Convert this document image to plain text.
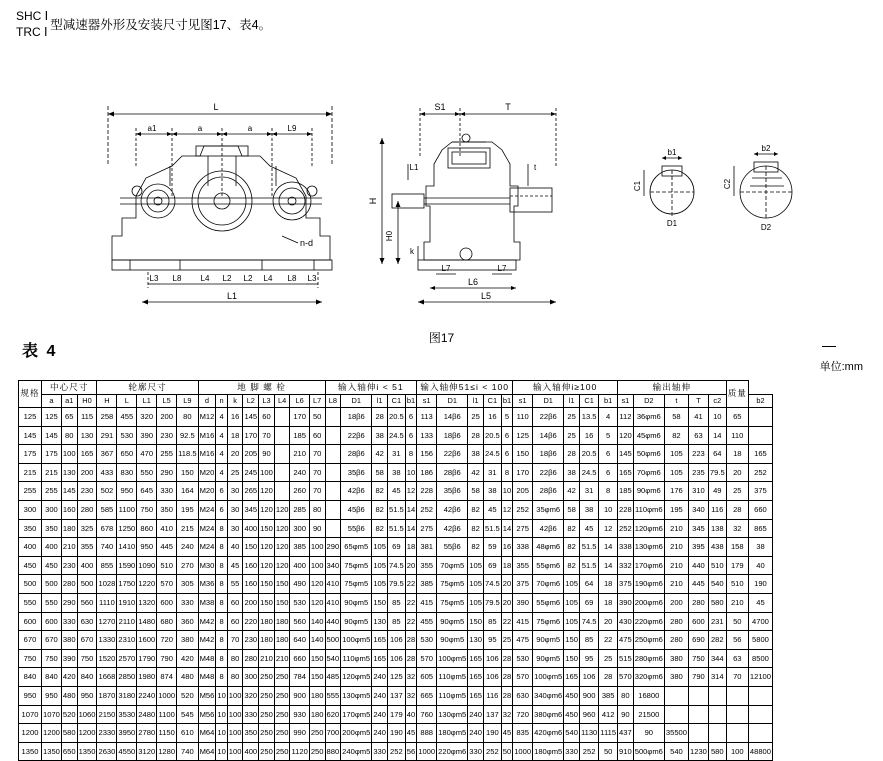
SHC Ⅰ
TRC Ⅰ 型减速器外形及安装尺寸见图17、表4。
L
a1	a	a	L9
n-d
L3 L8 L4 L2 L2 L4 L8 L3
L1
S1	T
H
H0
L1	t
k
L7	L7
L6
L5
b1
C1
D1
b2
C2
D2
图17
表 4
单位:mm
规格	中心尺寸			轮廓尺寸					地 脚 螺 栓								输入轴伸i < 51					输入轴伸51≤i < 100					输入轴伸i≥100					输出轴伸					质量	
	a	a1	H0	H	L	L1	L5	L9	d	n	k	L2	L3	L4	L6	L7	L8	D1	l1	C1	b1	s1	D1	l1	C1	b1	s1	D1	l1	C1	b1	s1	D2	t	T	c2		b2
125	125	65	115	258	455	320	200	80	M12	4	16	145	60		170	50		18β6	28	20.5	6	113	14β6	25	16	5	110	22β6	25	13.5	4	112	36φm6	58	41	10	65	
145	145	80	130	291	530	390	230	92.5	M16	4	18	170	70		185	60		22β6	38	24.5	6	133	18β6	28	20.5	6	125	14β6	25	16	5	120	45φm6	82	63	14	110	
175	175	100	165	367	650	470	255	118.5	M16	4	20	205	90		210	70		28β6	42	31	8	156	22β6	38	24.5	6	150	18β6	28	20.5	6	145	50φm6	105	223	64	18	165
215	215	130	200	433	830	550	290	150	M20	4	25	245	100		240	70		35β6	58	38	10	186	28β6	42	31	8	170	22β6	38	24.5	6	165	70φm6	105	235	79.5	20	252
255	255	145	230	502	950	645	330	164	M20	6	30	265	120		260	70		42β6	82	45	12	228	35β6	58	38	10	205	28β6	42	31	8	185	90φm6	176	310	49	25	375
300	300	160	280	585	1100	750	350	195	M24	6	30	345	120	120	285	80		45β6	82	51.5	14	252	42β6	82	45	12	252	35φm6	58	38	10	228	110φm6	195	340	116	28	660
350	350	180	325	678	1250	860	410	215	M24	8	30	400	150	120	300	90		55β6	82	51.5	14	275	42β6	82	51.5	14	275	42β6	82	45	12	252	120φm6	210	345	138	32	865
400	400	210	355	740	1410	950	445	240	M24	8	40	150	120	120	385	100	290	65φm5	105	69	18	381	55β6	82	59	16	338	48φm6	82	51.5	14	338	130φm6	210	395	438	158	38
450	450	230	400	855	1590	1090	510	270	M30	8	45	160	120	120	400	100	340	75φm5	105	74.5	20	355	70φm5	105	69	18	355	55φm6	82	51.5	14	332	170φm6	210	440	510	179	40
500	500	280	500	1028	1750	1220	570	305	M36	8	55	160	150	150	490	120	410	75φm5	105	79.5	22	385	75φm5	105	74.5	20	375	70φm6	105	64	18	375	190φm6	210	445	540	510	190
550	550	290	560	1110	1910	1320	600	330	M38	8	60	200	150	150	530	120	410	90φm5	150	85	22	415	75φm5	105	79.5	20	390	55φm6	105	69	18	390	200φm6	200	280	580	210	45
600	600	330	630	1270	2110	1480	680	360	M42	8	60	220	180	180	560	140	440	90φm5	130	85	22	455	90φm5	150	85	22	415	75φm6	105	74.5	20	430	220φm6	280	600	231	50	4700
670	670	380	670	1330	2310	1600	720	380	M42	8	70	230	180	180	640	140	500	100φm5	165	106	28	530	90φm5	130	95	25	475	90φm5	150	85	22	475	250φm6	280	690	282	56	5800
750	750	390	750	1520	2570	1790	790	420	M48	8	80	280	210	210	660	150	540	110φm5	165	106	28	570	100φm5	165	106	28	530	90φm5	150	95	25	515	280φm6	380	750	344	63	8500
840	840	420	840	1668	2850	1980	874	480	M48	8	80	300	250	250	784	150	485	120φm5	240	125	32	605	110φm5	165	106	28	570	100φm5	165	106	28	570	320φm6	380	790	314	70	12100
950	950	480	950	1870	3180	2240	1000	520	M56	10	100	320	250	250	900	180	555	130φm5	240	137	32	665	110φm5	165	116	28	630	340φm6	450	900	385	80	16800					
1070	1070	520	1060	2150	3530	2480	1100	545	M56	10	100	330	250	250	930	180	620	170φm5	240	179	40	760	130φm5	240	137	32	720	380φm6	450	960	412	90	21500					
1200	1200	580	1200	2330	3950	2780	1150	610	M64	10	100	350	250	250	990	250	700	200φm5	240	190	45	888	180φm5	240	190	45	835	420φm6	540	1130	1115	437	90	35500				
1350	1350	650	1350	2630	4550	3120	1280	740	M64	10	100	400	250	250	1120	250	880	240φm5	330	252	56	1000	220φm6	330	252	50	1000	180φm5	330	252	50	910	500φm6	540	1230	580	100	48800
